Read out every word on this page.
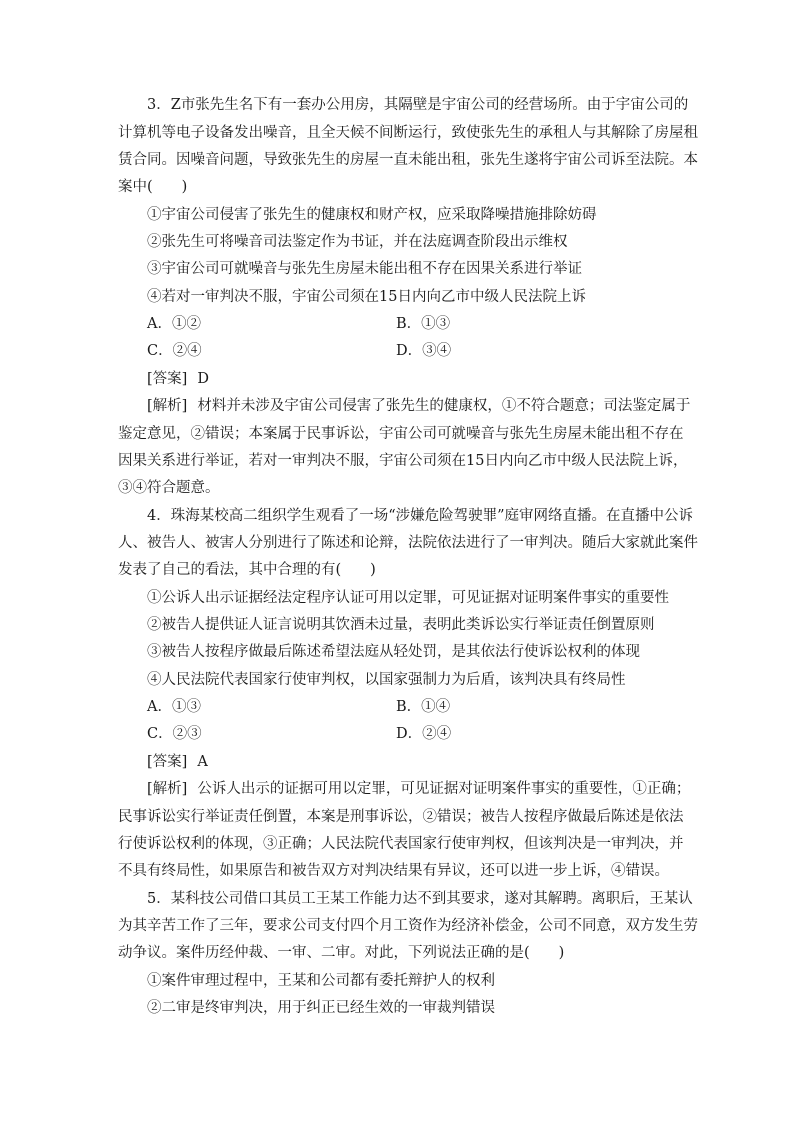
3．Z市张先生名下有一套办公用房，其隔壁是宇宙公司的经营场所。由于宇宙公司的
计算机等电子设备发出噪音，且全天候不间断运行，致使张先生的承租人与其解除了房屋租
赁合同。因噪音问题，导致张先生的房屋一直未能出租，张先生遂将宇宙公司诉至法院。本
案中(　　)
①宇宙公司侵害了张先生的健康权和财产权，应采取降噪措施排除妨碍
②张先生可将噪音司法鉴定作为书证，并在法庭调查阶段出示维权
③宇宙公司可就噪音与张先生房屋未能出租不存在因果关系进行举证
④若对一审判决不服，宇宙公司须在15日内向乙市中级人民法院上诉
A．①②	B．①③
C．②④	D．③④
[答案] D
[解析] 材料并未涉及宇宙公司侵害了张先生的健康权，①不符合题意；司法鉴定属于
鉴定意见，②错误；本案属于民事诉讼，宇宙公司可就噪音与张先生房屋未能出租不存在
因果关系进行举证，若对一审判决不服，宇宙公司须在15日内向乙市中级人民法院上诉，
③④符合题意。
4．珠海某校高二组织学生观看了一场“涉嫌危险驾驶罪”庭审网络直播。在直播中公诉
人、被告人、被害人分别进行了陈述和论辩，法院依法进行了一审判决。随后大家就此案件
发表了自己的看法，其中合理的有(　　)
①公诉人出示证据经法定程序认证可用以定罪，可见证据对证明案件事实的重要性
②被告人提供证人证言说明其饮酒未过量，表明此类诉讼实行举证责任倒置原则
③被告人按程序做最后陈述希望法庭从轻处罚，是其依法行使诉讼权利的体现
④人民法院代表国家行使审判权，以国家强制力为后盾，该判决具有终局性
A．①③	B．①④
C．②③	D．②④
[答案] A
[解析] 公诉人出示的证据可用以定罪，可见证据对证明案件事实的重要性，①正确；
民事诉讼实行举证责任倒置，本案是刑事诉讼，②错误；被告人按程序做最后陈述是依法
行使诉讼权利的体现，③正确；人民法院代表国家行使审判权，但该判决是一审判决，并
不具有终局性，如果原告和被告双方对判决结果有异议，还可以进一步上诉，④错误。
5．某科技公司借口其员工王某工作能力达不到其要求，遂对其解聘。离职后，王某认
为其辛苦工作了三年，要求公司支付四个月工资作为经济补偿金，公司不同意，双方发生劳
动争议。案件历经仲裁、一审、二审。对此，下列说法正确的是(　　)
①案件审理过程中，王某和公司都有委托辩护人的权利
②二审是终审判决，用于纠正已经生效的一审裁判错误
